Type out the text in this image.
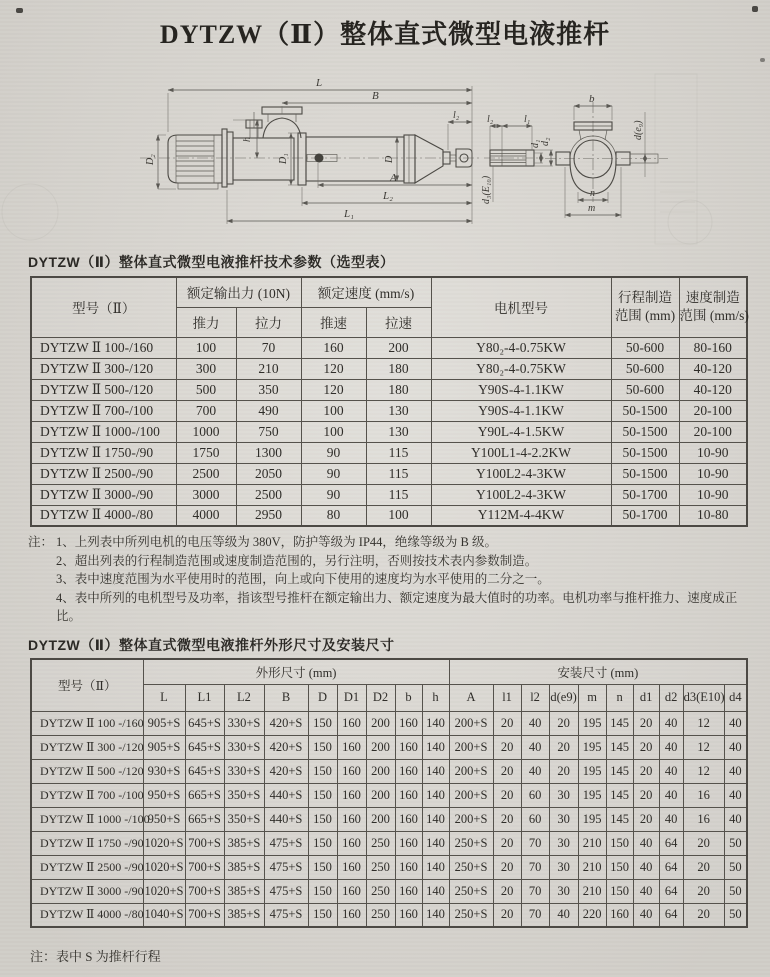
DYTZW（Ⅱ）整体直式微型电液推杆
L
B
l₂
h
D₂	D₁	D
A
L₂
L₁
l₂	l₁
d₁ d₂
d₃(E₁₀)
b
d(e₉)
n
m
DYTZW（Ⅱ）整体直式微型电液推杆技术参数（选型表）
型号（Ⅱ）	额定输出力 (10N)		额定速度 (mm/s)		电机型号	行程制造
范围 (mm)	速度制造
范围 (mm/s)
	推力	拉力	推速	拉速			
DYTZW Ⅱ 100-/160	100	70	160	200	Y80₂-4-0.75KW	50-600	80-160
DYTZW Ⅱ 300-/120	300	210	120	180	Y80₂-4-0.75KW	50-600	40-120
DYTZW Ⅱ 500-/120	500	350	120	180	Y90S-4-1.1KW	50-600	40-120
DYTZW Ⅱ 700-/100	700	490	100	130	Y90S-4-1.1KW	50-1500	20-100
DYTZW Ⅱ 1000-/100	1000	750	100	130	Y90L-4-1.5KW	50-1500	20-100
DYTZW Ⅱ 1750-/90	1750	1300	90	115	Y100L1-4-2.2KW	50-1500	10-90
DYTZW Ⅱ 2500-/90	2500	2050	90	115	Y100L2-4-3KW	50-1500	10-90
DYTZW Ⅱ 3000-/90	3000	2500	90	115	Y100L2-4-3KW	50-1700	10-90
DYTZW Ⅱ 4000-/80	4000	2950	80	100	Y112M-4-4KW	50-1700	10-80
注： 1、上列表中所列电机的电压等级为 380V，防护等级为 IP44，绝缘等级为 B 级。
2、超出列表的行程制造范围或速度制造范围的，另行注明，否则按技术表内参数制造。
3、表中速度范围为水平使用时的范围，向上或向下使用的速度均为水平使用的二分之一。
4、表中所列的电机型号及功率，指该型号推杆在额定输出力、额定速度为最大值时的功率。电机功率与推杆推力、速度成正比。
DYTZW（Ⅱ）整体直式微型电液推杆外形尺寸及安装尺寸
型号（Ⅱ）	外形尺寸 (mm)									安装尺寸 (mm)									
	L	L1	L2	B	D	D1	D2	b	h	A	l1	l2	d(e9)	m	n	d1	d2	d3(E10)	d4
DYTZW Ⅱ 100 -/160	905+S	645+S	330+S	420+S	150	160	200	160	140	200+S	20	40	20	195	145	20	40	12	40
DYTZW Ⅱ 300 -/120	905+S	645+S	330+S	420+S	150	160	200	160	140	200+S	20	40	20	195	145	20	40	12	40
DYTZW Ⅱ 500 -/120	930+S	645+S	330+S	420+S	150	160	200	160	140	200+S	20	40	20	195	145	20	40	12	40
DYTZW Ⅱ 700 -/100	950+S	665+S	350+S	440+S	150	160	200	160	140	200+S	20	60	30	195	145	20	40	16	40
DYTZW Ⅱ 1000 -/100	950+S	665+S	350+S	440+S	150	160	200	160	140	200+S	20	60	30	195	145	20	40	16	40
DYTZW Ⅱ 1750 -/90	1020+S	700+S	385+S	475+S	150	160	250	160	140	250+S	20	70	30	210	150	40	64	20	50
DYTZW Ⅱ 2500 -/90	1020+S	700+S	385+S	475+S	150	160	250	160	140	250+S	20	70	30	210	150	40	64	20	50
DYTZW Ⅱ 3000 -/90	1020+S	700+S	385+S	475+S	150	160	250	160	140	250+S	20	70	30	210	150	40	64	20	50
DYTZW Ⅱ 4000 -/80	1040+S	700+S	385+S	475+S	150	160	250	160	140	250+S	20	70	40	220	160	40	64	20	50
注：表中 S 为推杆行程
